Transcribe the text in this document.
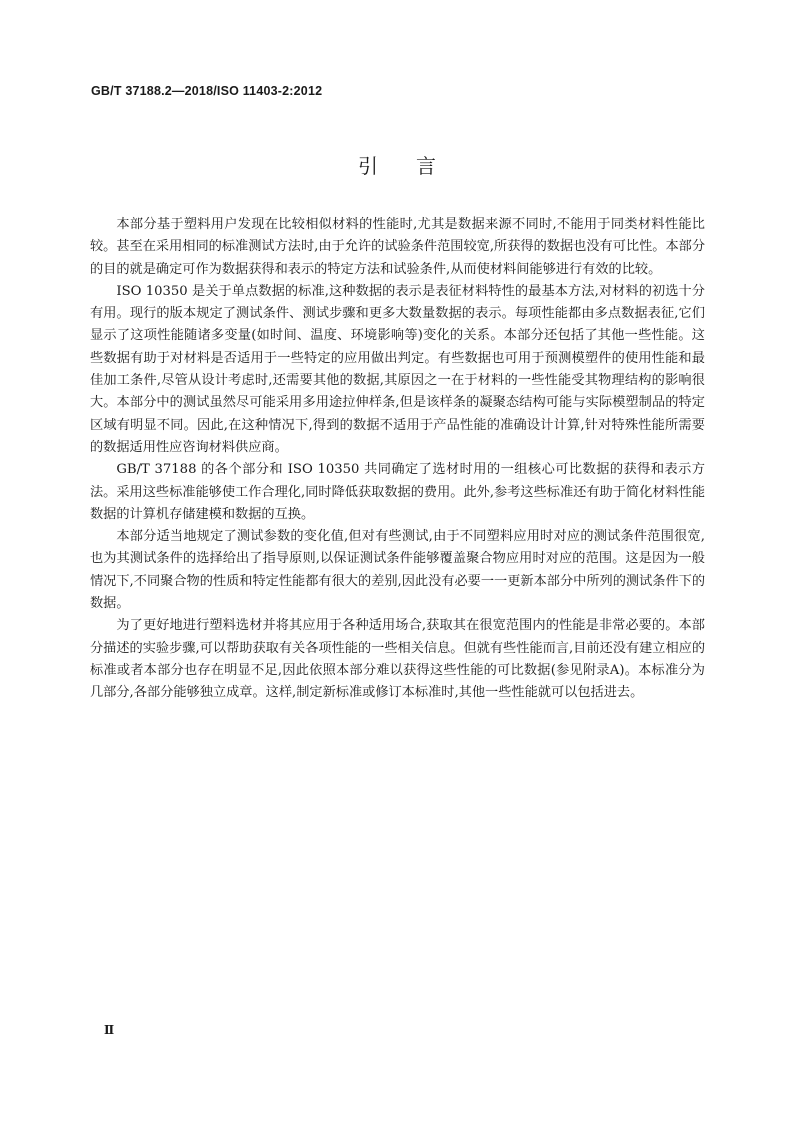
GB/T 37188.2—2018/ISO 11403-2:2012
引言

本部分基于塑料用户发现在比较相似材料的性能时,尤其是数据来源不同时,不能用于同类材料性能比较。甚至在采用相同的标准测试方法时,由于允许的试验条件范围较宽,所获得的数据也没有可比性。本部分的目的就是确定可作为数据获得和表示的特定方法和试验条件,从而使材料间能够进行有效的比较。

ISO 10350 是关于单点数据的标准,这种数据的表示是表征材料特性的最基本方法,对材料的初选十分有用。现行的版本规定了测试条件、测试步骤和更多大数量数据的表示。每项性能都由多点数据表征,它们显示了这项性能随诸多变量(如时间、温度、环境影响等)变化的关系。本部分还包括了其他一些性能。这些数据有助于对材料是否适用于一些特定的应用做出判定。有些数据也可用于预测模塑件的使用性能和最佳加工条件,尽管从设计考虑时,还需要其他的数据,其原因之一在于材料的一些性能受其物理结构的影响很大。本部分中的测试虽然尽可能采用多用途拉伸样条,但是该样条的凝聚态结构可能与实际模塑制品的特定区域有明显不同。因此,在这种情况下,得到的数据不适用于产品性能的准确设计计算,针对特殊性能所需要的数据适用性应咨询材料供应商。

GB/T 37188 的各个部分和 ISO 10350 共同确定了选材时用的一组核心可比数据的获得和表示方法。采用这些标准能够使工作合理化,同时降低获取数据的费用。此外,参考这些标准还有助于简化材料性能数据的计算机存储建模和数据的互换。

本部分适当地规定了测试参数的变化值,但对有些测试,由于不同塑料应用时对应的测试条件范围很宽,也为其测试条件的选择给出了指导原则,以保证测试条件能够覆盖聚合物应用时对应的范围。这是因为一般情况下,不同聚合物的性质和特定性能都有很大的差别,因此没有必要一一更新本部分中所列的测试条件下的数据。

为了更好地进行塑料选材并将其应用于各种适用场合,获取其在很宽范围内的性能是非常必要的。本部分描述的实验步骤,可以帮助获取有关各项性能的一些相关信息。但就有些性能而言,目前还没有建立相应的标准或者本部分也存在明显不足,因此依照本部分难以获得这些性能的可比数据(参见附录A)。本标准分为几部分,各部分能够独立成章。这样,制定新标准或修订本标准时,其他一些性能就可以包括进去。

Ⅱ
